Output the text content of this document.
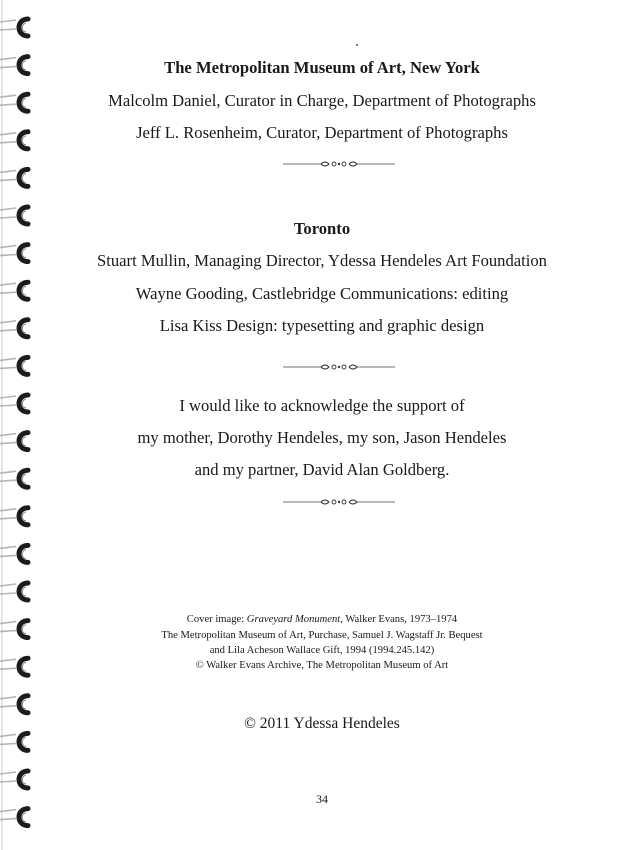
The Metropolitan Museum of Art, New York
Malcolm Daniel, Curator in Charge, Department of Photographs
Jeff L. Rosenheim, Curator, Department of Photographs
Toronto
Stuart Mullin, Managing Director, Ydessa Hendeles Art Foundation
Wayne Gooding, Castlebridge Communications: editing
Lisa Kiss Design: typesetting and graphic design
I would like to acknowledge the support of
my mother, Dorothy Hendeles, my son, Jason Hendeles
and my partner, David Alan Goldberg.
Cover image: Graveyard Monument, Walker Evans, 1973–1974
The Metropolitan Museum of Art, Purchase, Samuel J. Wagstaff Jr. Bequest
and Lila Acheson Wallace Gift, 1994 (1994.245.142)
© Walker Evans Archive, The Metropolitan Museum of Art
© 2011 Ydessa Hendeles
34
